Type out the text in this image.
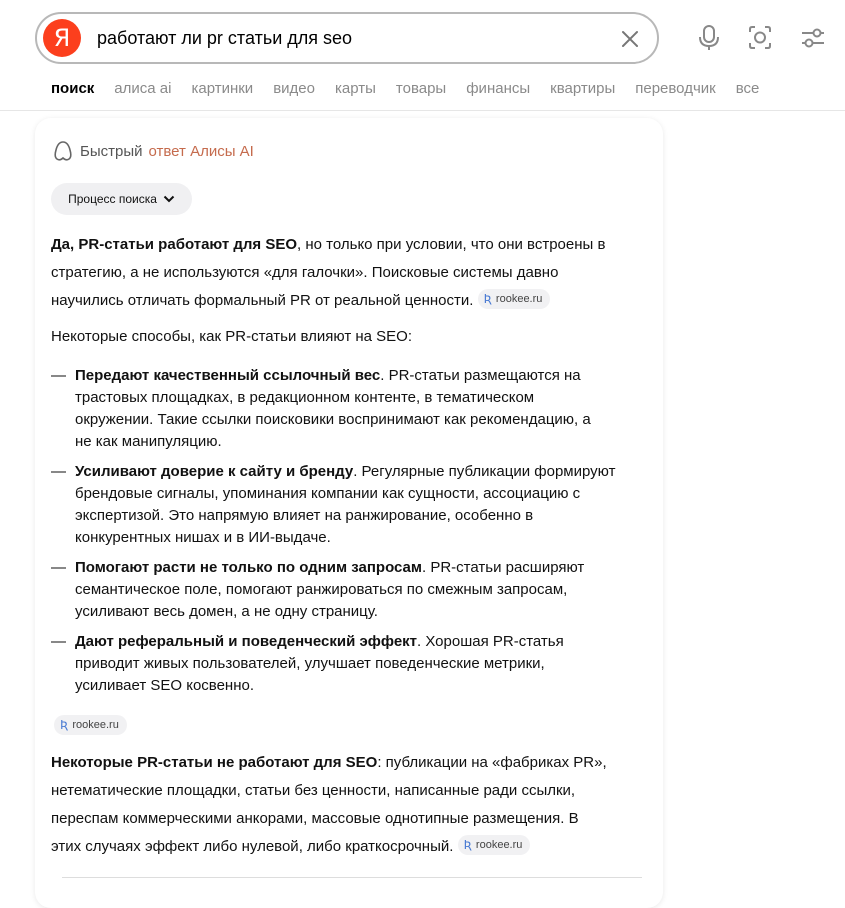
Я	работают ли pr статьи для seo
поиск алиса ai картинки видео карты товары финансы квартиры переводчик все
Быстрый ответ Алисы AI
Процесс поиска
Да, PR-статьи работают для SEO, но только при условии, что они встроены в
стратегию, а не используются «для галочки». Поисковые системы давно
научились отличать формальный PR от реальной ценности. Ʀ rookee.ru
Некоторые способы, как PR-статьи влияют на SEO:
— Передают качественный ссылочный вес. PR-статьи размещаются на
трастовых площадках, в редакционном контенте, в тематическом
окружении. Такие ссылки поисковики воспринимают как рекомендацию, а
не как манипуляцию.
— Усиливают доверие к сайту и бренду. Регулярные публикации формируют
брендовые сигналы, упоминания компании как сущности, ассоциацию с
экспертизой. Это напрямую влияет на ранжирование, особенно в
конкурентных нишах и в ИИ-выдаче.
— Помогают расти не только по одним запросам. PR-статьи расширяют
семантическое поле, помогают ранжироваться по смежным запросам,
усиливают весь домен, а не одну страницу.
— Дают реферальный и поведенческий эффект. Хорошая PR-статья
приводит живых пользователей, улучшает поведенческие метрики,
усиливает SEO косвенно.
Ʀ rookee.ru
Некоторые PR-статьи не работают для SEO: публикации на «фабриках PR»,
нетематические площадки, статьи без ценности, написанные ради ссылки,
переспам коммерческими анкорами, массовые однотипные размещения. В
этих случаях эффект либо нулевой, либо краткосрочный. Ʀ rookee.ru
